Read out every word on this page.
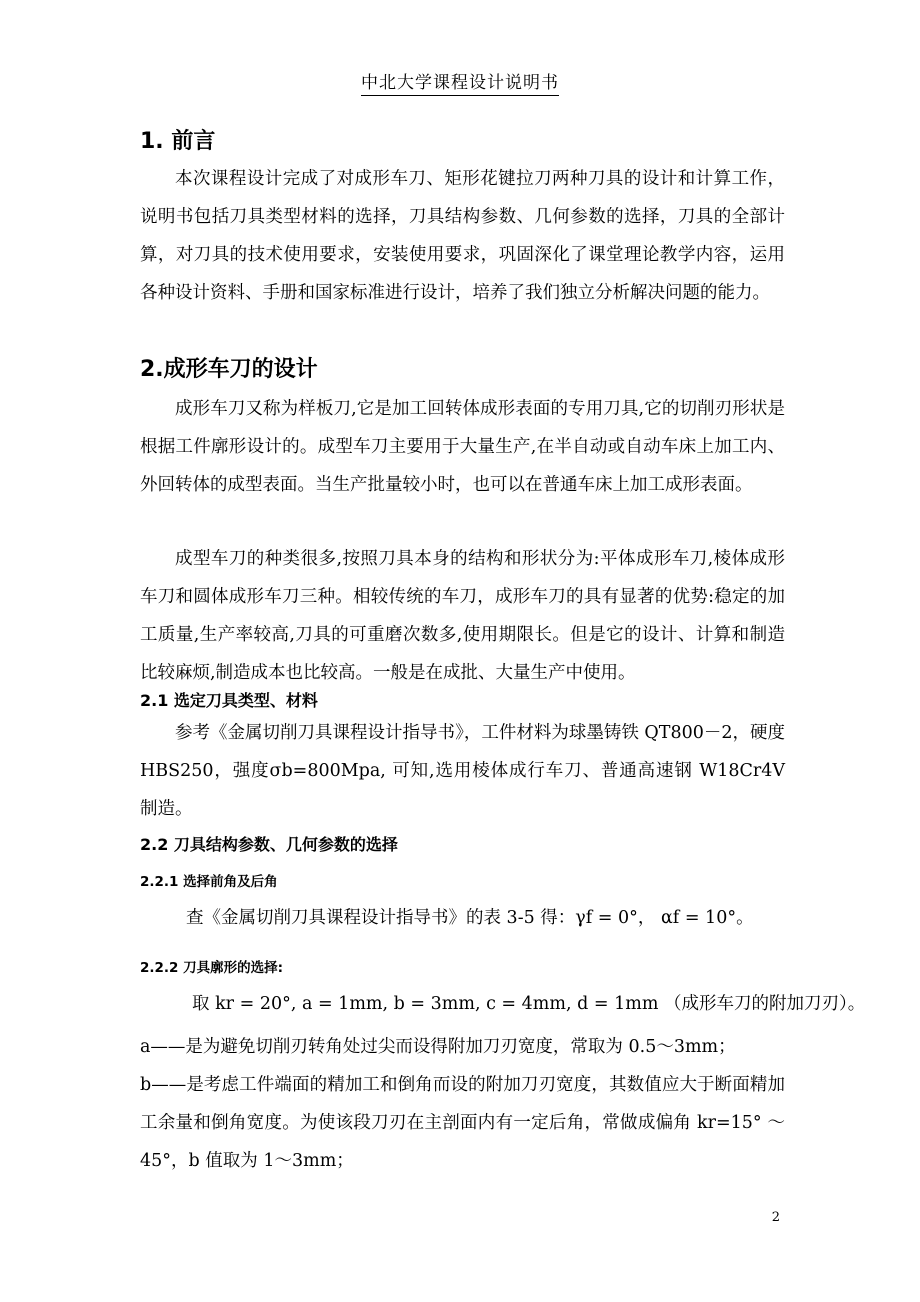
中北大学课程设计说明书
1. 前言
本次课程设计完成了对成形车刀、矩形花键拉刀两种刀具的设计和计算工作，说明书包括刀具类型材料的选择，刀具结构参数、几何参数的选择，刀具的全部计算，对刀具的技术使用要求，安装使用要求，巩固深化了课堂理论教学内容，运用各种设计资料、手册和国家标准进行设计，培养了我们独立分析解决问题的能力。
2.成形车刀的设计
成形车刀又称为样板刀,它是加工回转体成形表面的专用刀具,它的切削刃形状是根据工件廓形设计的。成型车刀主要用于大量生产,在半自动或自动车床上加工内、外回转体的成型表面。当生产批量较小时，也可以在普通车床上加工成形表面。
成型车刀的种类很多,按照刀具本身的结构和形状分为:平体成形车刀,棱体成形车刀和圆体成形车刀三种。相较传统的车刀，成形车刀的具有显著的优势:稳定的加工质量,生产率较高,刀具的可重磨次数多,使用期限长。但是它的设计、计算和制造比较麻烦,制造成本也比较高。一般是在成批、大量生产中使用。
2.1 选定刀具类型、材料
参考《金属切削刀具课程设计指导书》，工件材料为球墨铸铁 QT800－2，硬度 HBS250，强度σb=800Mpa, 可知,选用棱体成行车刀、普通高速钢 W18Cr4V 制造。
2.2 刀具结构参数、几何参数的选择
2.2.1 选择前角及后角
查《金属切削刀具课程设计指导书》的表 3-5 得：γf = 0°， αf = 10°。
2.2.2 刀具廓形的选择:
取 kr = 20°, a = 1mm, b = 3mm, c = 4mm, d = 1mm （成形车刀的附加刀刃）。
a——是为避免切削刃转角处过尖而设得附加刀刃宽度，常取为 0.5～3mm；
b——是考虑工件端面的精加工和倒角而设的附加刀刃宽度，其数值应大于断面精加工余量和倒角宽度。为使该段刀刃在主剖面内有一定后角，常做成偏角 kr=15° ～ 45°，b 值取为 1～3mm；
2
